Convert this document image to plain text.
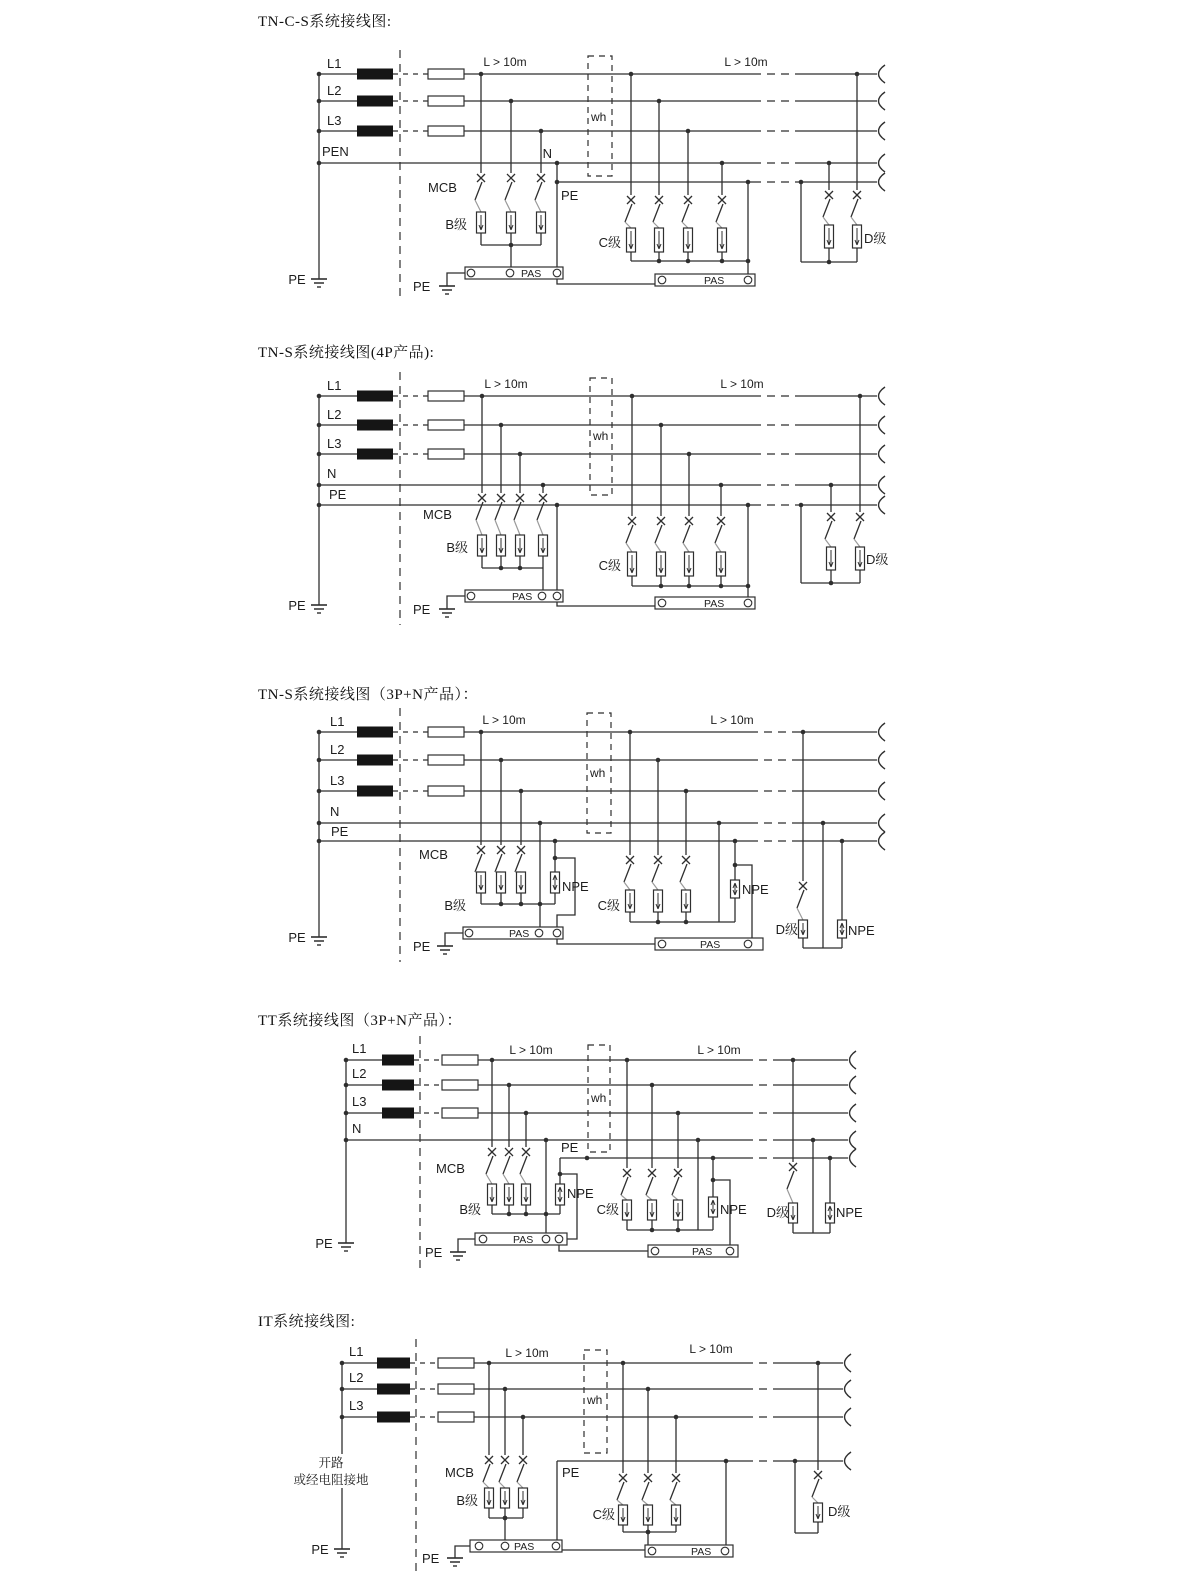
L1
L2
L3
PEN
PE
wh
L > 10m	L > 10m
MCB
B级
C级	D级
PAS
PAS
PE
N
PE
L1
L2
L3
N
PE
PE
wh
L > 10m	L > 10m
MCB
B级
C级	D级
PAS
PAS
PE
L1
L2
L3
N
PE
PE
wh
L > 10m	L > 10m
MCB
B级	C级
D级
NPE	NPE
NPE
PAS
PAS
PE
L1
L2
L3
N
PE
wh
L > 10m	L > 10m
MCB
B级	C级	D级
NPE
NPE	NPE
PAS
PAS
PE
PE
L1
L2
L3
PE
wh
L > 10m	L > 10m
MCB
B级
C级	D级
PAS	PAS
PE
PE
开路
或经电阻接地
TN-C-S系统接线图:
TN-S系统接线图(4P产品):
TN-S系统接线图（3P+N产品）：
TT系统接线图（3P+N产品）：
IT系统接线图:
